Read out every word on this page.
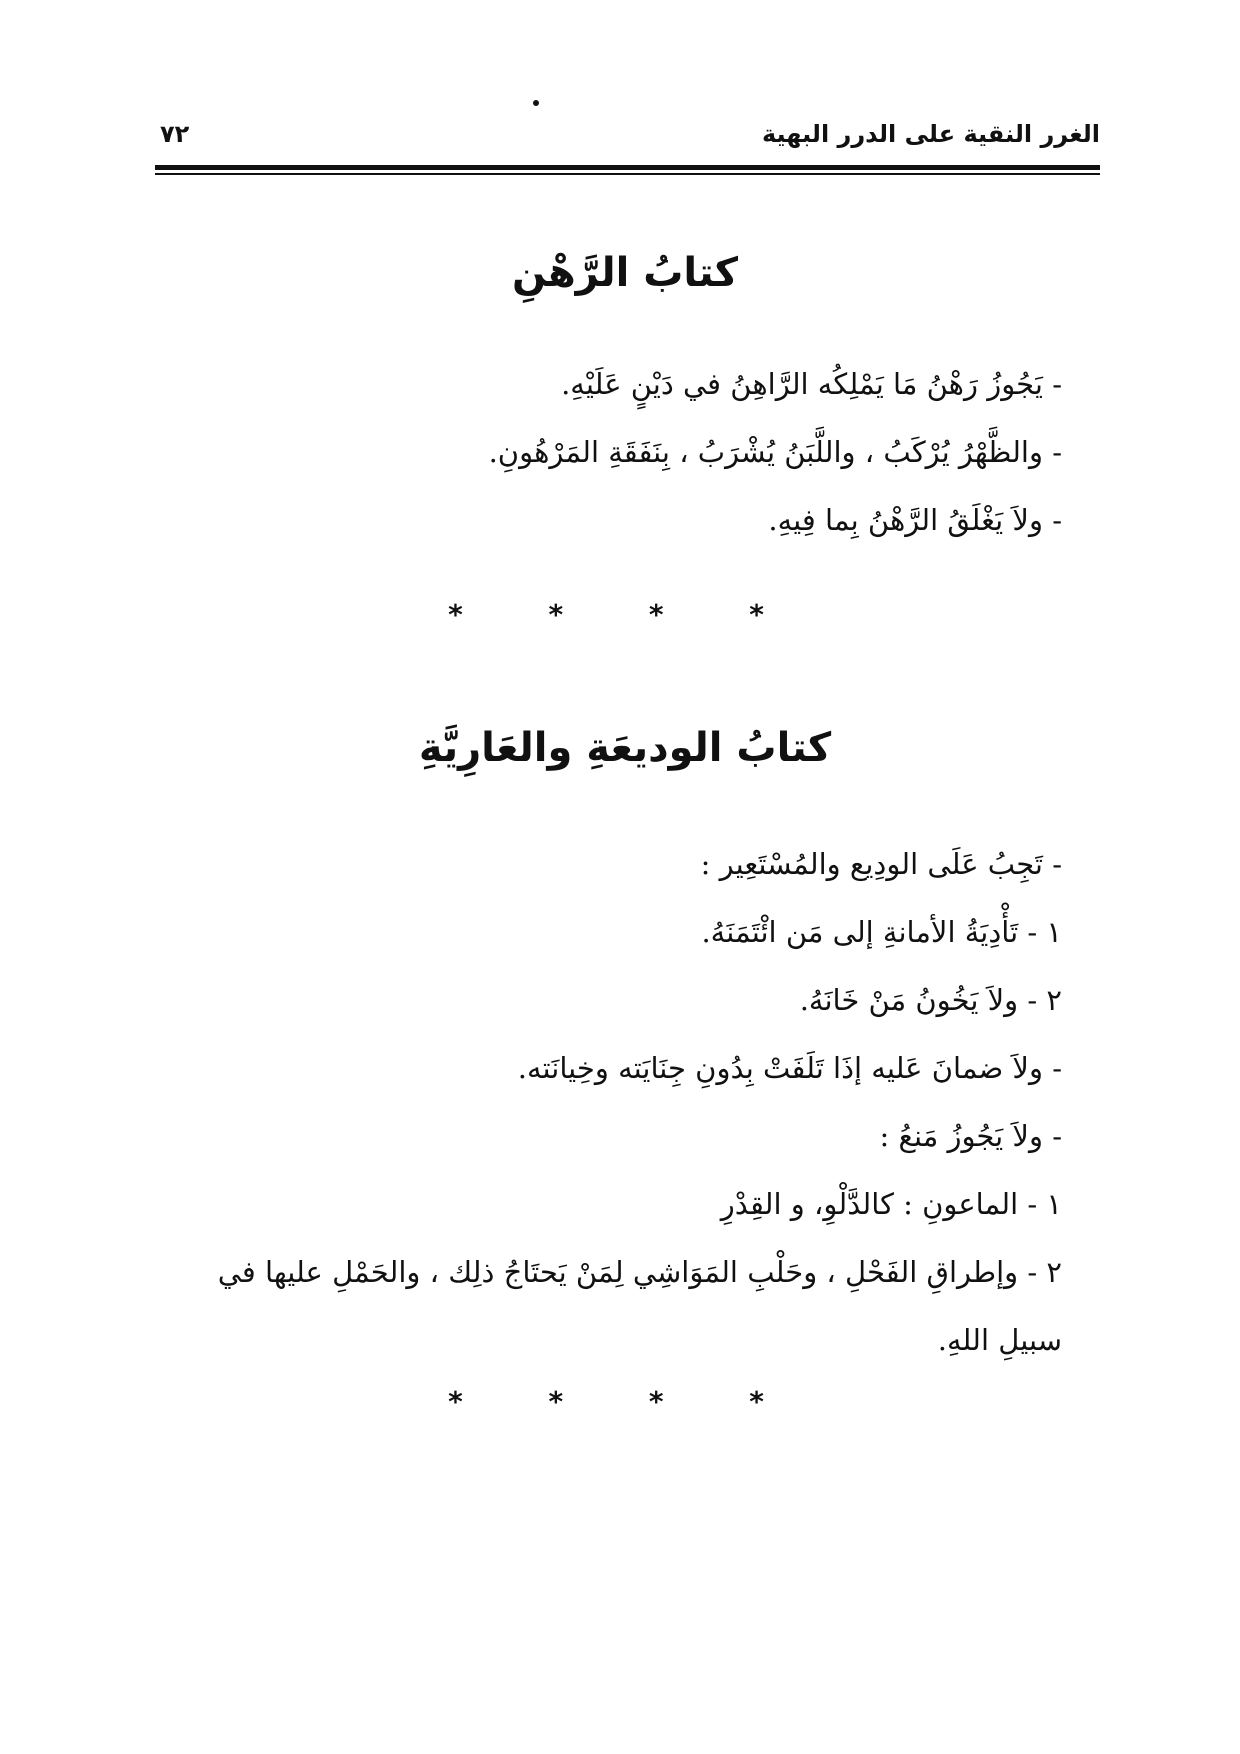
٧٢	الغرر النقية على الدرر البهية
كتابُ الرَّهْنِ
- يَجُوزُ رَهْنُ مَا يَمْلِكُه الرَّاهِنُ في دَيْنٍ عَلَيْهِ.
- والظَّهْرُ يُرْكَبُ ، واللَّبَنُ يُشْرَبُ ، بِنَفَقَةِ المَرْهُونِ.
- ولاَ يَغْلَقُ الرَّهْنُ بِما فِيهِ.
* * * *
كتابُ الوديعَةِ والعَارِيَّةِ
- تَجِبُ عَلَى الودِيع والمُسْتَعِير :
١ - تَأْدِيَةُ الأمانةِ إلى مَن ائْتَمَنَهُ.
٢ - ولاَ يَخُونُ مَنْ خَانَهُ.
- ولاَ ضمانَ عَليه إذَا تَلَفَتْ بِدُونِ جِنَايَته وخِيانَته.
- ولاَ يَجُوزُ مَنعُ :
١ - الماعونِ : كالدَّلْوِ، و القِدْرِ
٢ - وإطراقِ الفَحْلِ ، وحَلْبِ المَوَاشِي لِمَنْ يَحتَاجُ ذلِك ، والحَمْلِ عليها في
سبيلِ اللهِ.
* * * *
